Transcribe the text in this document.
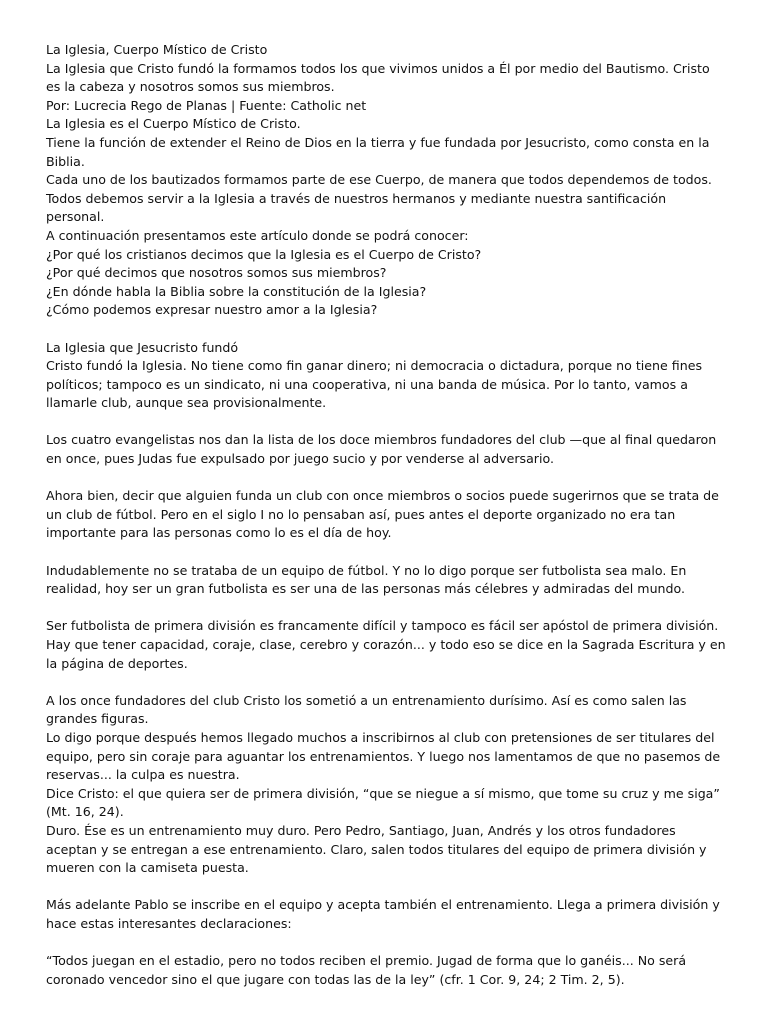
La Iglesia, Cuerpo Místico de Cristo

La Iglesia que Cristo fundó la formamos todos los que vivimos unidos a Él por medio del Bautismo. Cristo es la cabeza y nosotros somos sus miembros.

Por: Lucrecia Rego de Planas | Fuente: Catholic net

La Iglesia es el Cuerpo Místico de Cristo.

Tiene la función de extender el Reino de Dios en la tierra y fue fundada por Jesucristo, como consta en la Biblia.

Cada uno de los bautizados formamos parte de ese Cuerpo, de manera que todos dependemos de todos.

Todos debemos servir a la Iglesia a través de nuestros hermanos y mediante nuestra santificación personal.

A continuación presentamos este artículo donde se podrá conocer:

¿Por qué los cristianos decimos que la Iglesia es el Cuerpo de Cristo?

¿Por qué decimos que nosotros somos sus miembros?

¿En dónde habla la Biblia sobre la constitución de la Iglesia?

¿Cómo podemos expresar nuestro amor a la Iglesia?

La Iglesia que Jesucristo fundó

Cristo fundó la Iglesia. No tiene como fin ganar dinero; ni democracia o dictadura, porque no tiene fines políticos; tampoco es un sindicato, ni una cooperativa, ni una banda de música. Por lo tanto, vamos a llamarle club, aunque sea provisionalmente.

Los cuatro evangelistas nos dan la lista de los doce miembros fundadores del club —que al final quedaron en once, pues Judas fue expulsado por juego sucio y por venderse al adversario.

Ahora bien, decir que alguien funda un club con once miembros o socios puede sugerirnos que se trata de un club de fútbol. Pero en el siglo I no lo pensaban así, pues antes el deporte organizado no era tan importante para las personas como lo es el día de hoy.

Indudablemente no se trataba de un equipo de fútbol. Y no lo digo porque ser futbolista sea malo. En realidad, hoy ser un gran futbolista es ser una de las personas más célebres y admiradas del mundo.

Ser futbolista de primera división es francamente difícil y tampoco es fácil ser apóstol de primera división. Hay que tener capacidad, coraje, clase, cerebro y corazón... y todo eso se dice en la Sagrada Escritura y en la página de deportes.

A los once fundadores del club Cristo los sometió a un entrenamiento durísimo. Así es como salen las grandes figuras.

Lo digo porque después hemos llegado muchos a inscribirnos al club con pretensiones de ser titulares del equipo, pero sin coraje para aguantar los entrenamientos. Y luego nos lamentamos de que no pasemos de reservas... la culpa es nuestra.

Dice Cristo: el que quiera ser de primera división, “que se niegue a sí mismo, que tome su cruz y me siga” (Mt. 16, 24).

Duro. Ése es un entrenamiento muy duro. Pero Pedro, Santiago, Juan, Andrés y los otros fundadores aceptan y se entregan a ese entrenamiento. Claro, salen todos titulares del equipo de primera división y mueren con la camiseta puesta.

Más adelante Pablo se inscribe en el equipo y acepta también el entrenamiento. Llega a primera división y hace estas interesantes declaraciones:

“Todos juegan en el estadio, pero no todos reciben el premio. Jugad de forma que lo ganéis... No será coronado vencedor sino el que jugare con todas las de la ley” (cfr. 1 Cor. 9, 24; 2 Tim. 2, 5).
